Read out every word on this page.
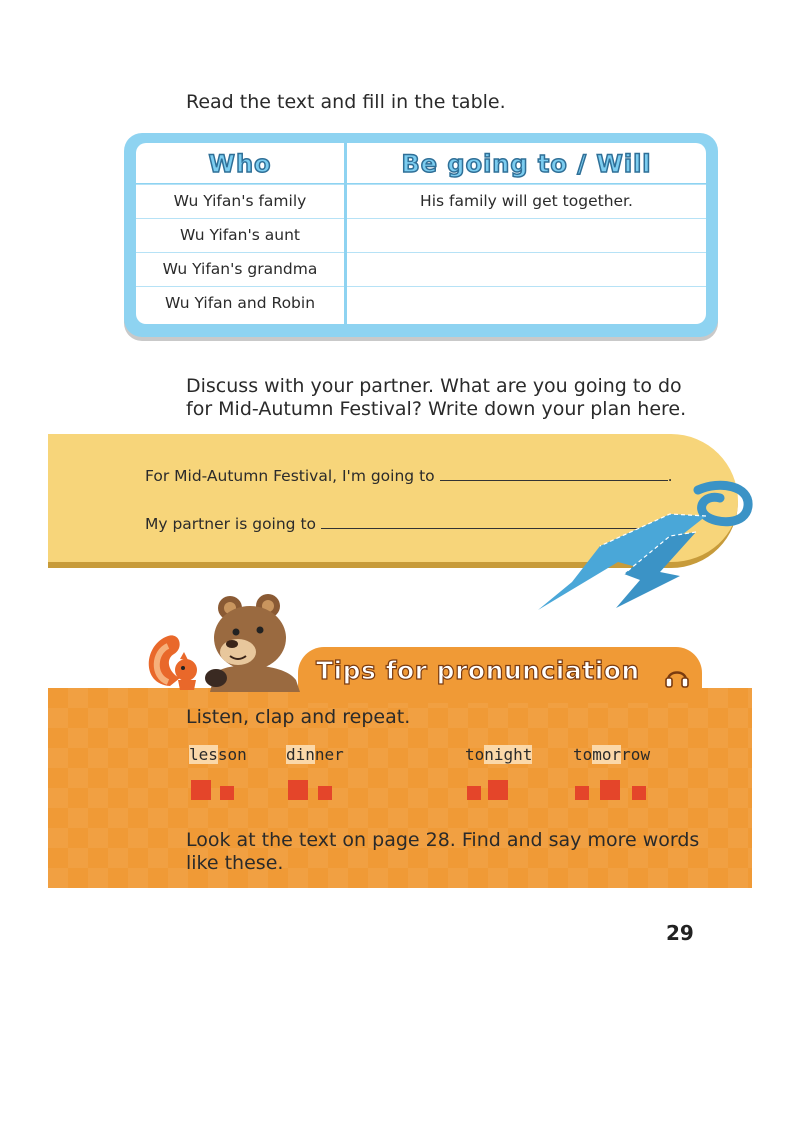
Read the text and fill in the table.
Who	Be going to / Will
Wu Yifan's family	His family will get together.
Wu Yifan's aunt
Wu Yifan's grandma
Wu Yifan and Robin
Discuss with your partner. What are you going to do
for Mid-Autumn Festival? Write down your plan here.
For Mid-Autumn Festival, I'm going to	.
My partner is going to
Tips for pronunciation
Listen, clap and repeat.
lesson dinner	tonight	tomorrow
Look at the text on page 28. Find and say more words
like these.
29
